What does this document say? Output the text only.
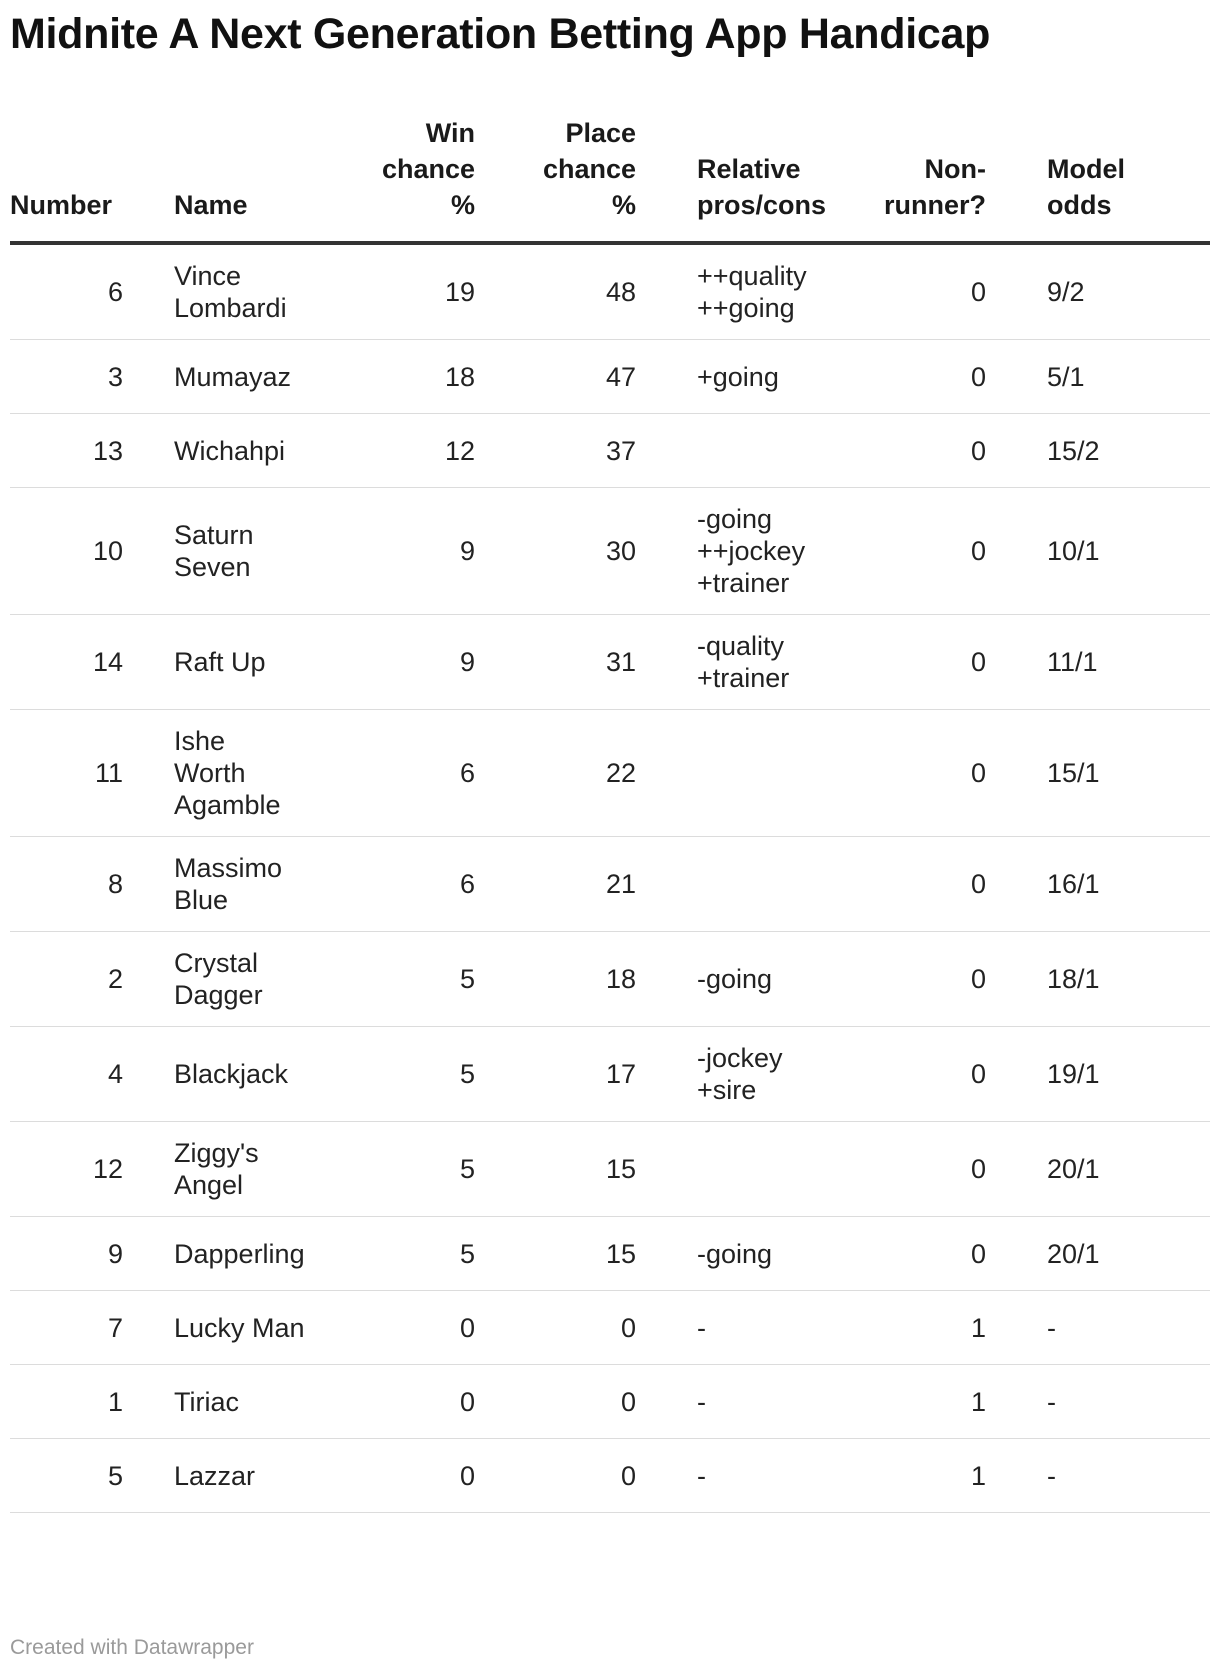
Midnite A Next Generation Betting App Handicap
Number	Name	Win
chance
%	Place
chance
%	Relative
pros/cons	Non-
runner?	Model
odds
6	Vince
Lombardi	19	48	++quality
++going	0	9/2
3	Mumayaz	18	47	+going	0	5/1
13	Wichahpi	12	37		0	15/2
10	Saturn
Seven	9	30	-going
++jockey
+trainer	0	10/1
14	Raft Up	9	31	-quality
+trainer	0	11/1
11	Ishe
Worth
Agamble	6	22		0	15/1
8	Massimo
Blue	6	21		0	16/1
2	Crystal
Dagger	5	18	-going	0	18/1
4	Blackjack	5	17	-jockey
+sire	0	19/1
12	Ziggy's
Angel	5	15		0	20/1
9	Dapperling	5	15	-going	0	20/1
7	Lucky Man	0	0	-	1	-
1	Tiriac	0	0	-	1	-
5	Lazzar	0	0	-	1	-

Created with Datawrapper
